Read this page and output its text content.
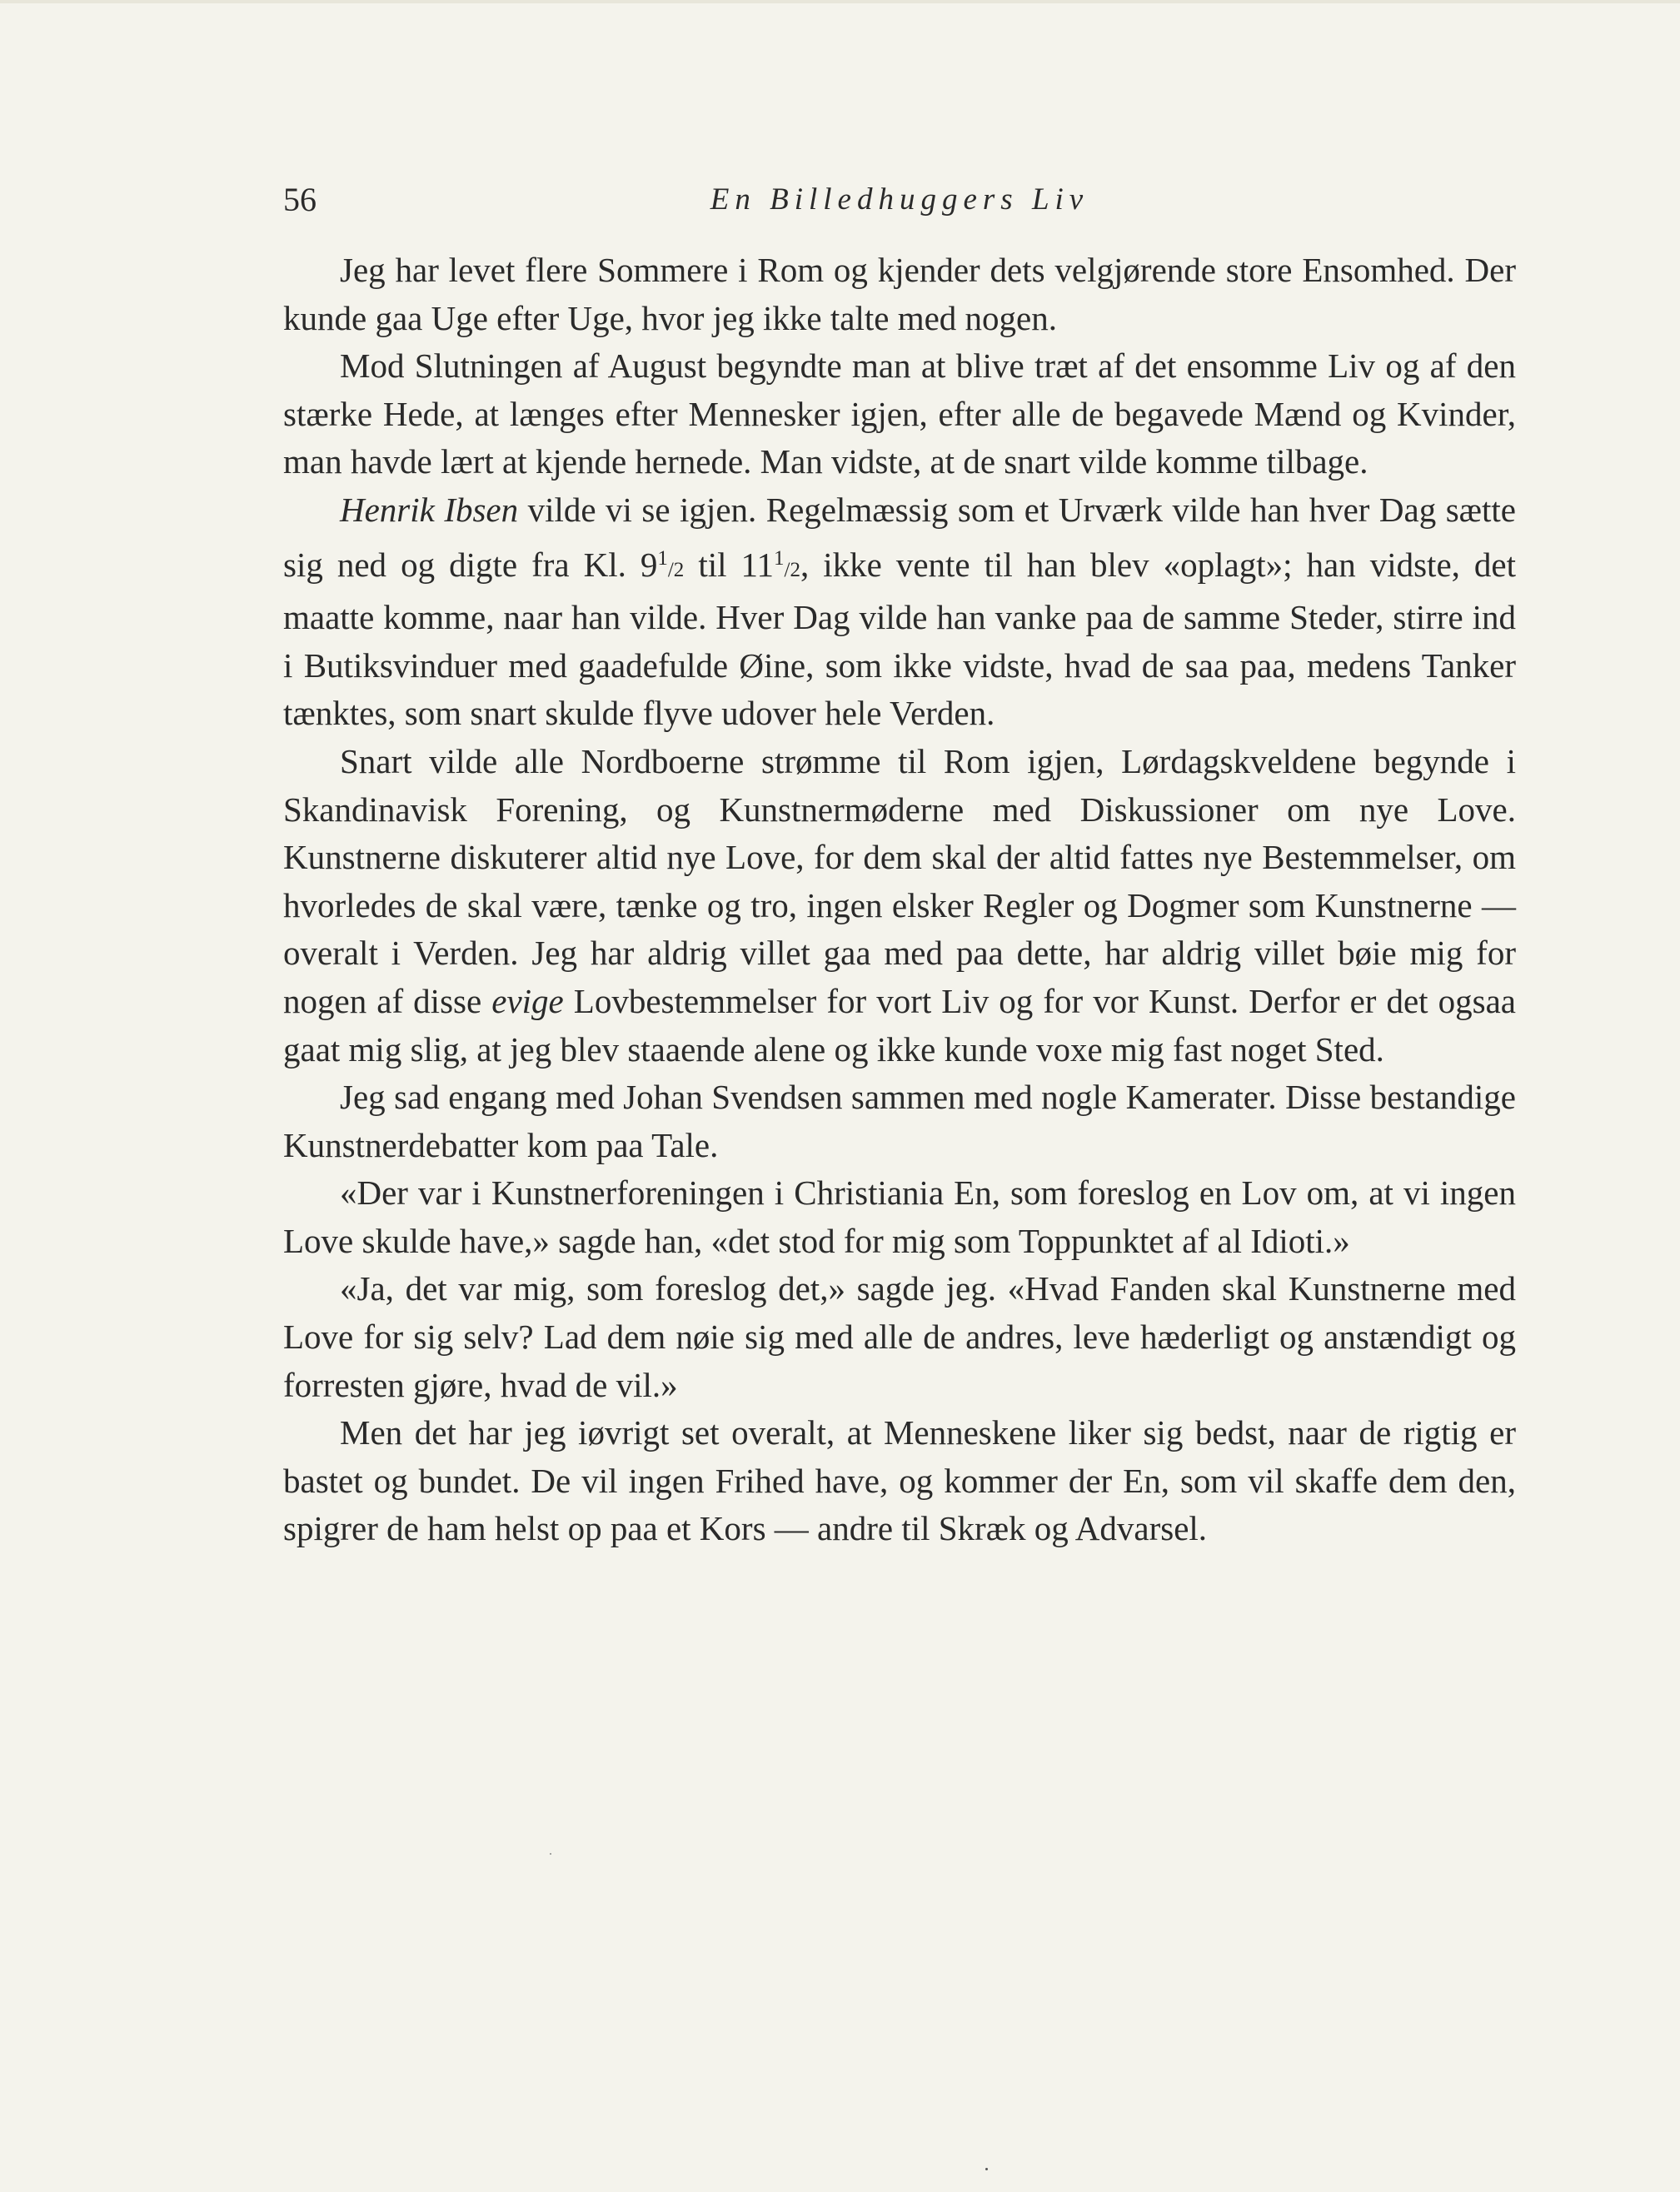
56	En Billedhuggers Liv

Jeg har levet flere Sommere i Rom og kjender dets velgjørende store Ensomhed. Der kunde gaa Uge efter Uge, hvor jeg ikke talte med nogen.

Mod Slutningen af August begyndte man at blive træt af det ensomme Liv og af den stærke Hede, at længes efter Mennesker igjen, efter alle de begavede Mænd og Kvinder, man havde lært at kjende hernede. Man vidste, at de snart vilde komme tilbage.

Henrik Ibsen vilde vi se igjen. Regelmæssig som et Urværk vilde han hver Dag sætte sig ned og digte fra Kl. $9^1/2$ til $11^1/2$, ikke vente til han blev «oplagt»; han vidste, det maatte komme, naar han vilde. Hver Dag vilde han vanke paa de samme Steder, stirre ind i Butiksvinduer med gaadefulde Øine, som ikke vidste, hvad de saa paa, medens Tanker tænktes, som snart skulde flyve udover hele Verden.

Snart vilde alle Nordboerne strømme til Rom igjen, Lørdagskveldene begynde i Skandinavisk Forening, og Kunstnermøderne med Diskussioner om nye Love. Kunstnerne diskuterer altid nye Love, for dem skal der altid fattes nye Bestemmelser, om hvorledes de skal være, tænke og tro, ingen elsker Regler og Dogmer som Kunstnerne — overalt i Verden. Jeg har aldrig villet gaa med paa dette, har aldrig villet bøie mig for nogen af disse evige Lovbestemmelser for vort Liv og for vor Kunst. Derfor er det ogsaa gaat mig slig, at jeg blev staaende alene og ikke kunde voxe mig fast noget Sted.

Jeg sad engang med Johan Svendsen sammen med nogle Kamerater. Disse bestandige Kunstnerdebatter kom paa Tale.

«Der var i Kunstnerforeningen i Christiania En, som foreslog en Lov om, at vi ingen Love skulde have,» sagde han, «det stod for mig som Toppunktet af al Idioti.»

«Ja, det var mig, som foreslog det,» sagde jeg. «Hvad Fanden skal Kunstnerne med Love for sig selv? Lad dem nøie sig med alle de andres, leve hæderligt og anstændigt og forresten gjøre, hvad de vil.»

Men det har jeg iøvrigt set overalt, at Menneskene liker sig bedst, naar de rigtig er bastet og bundet. De vil ingen Frihed have, og kommer der En, som vil skaffe dem den, spigrer de ham helst op paa et Kors — andre til Skræk og Advarsel.
